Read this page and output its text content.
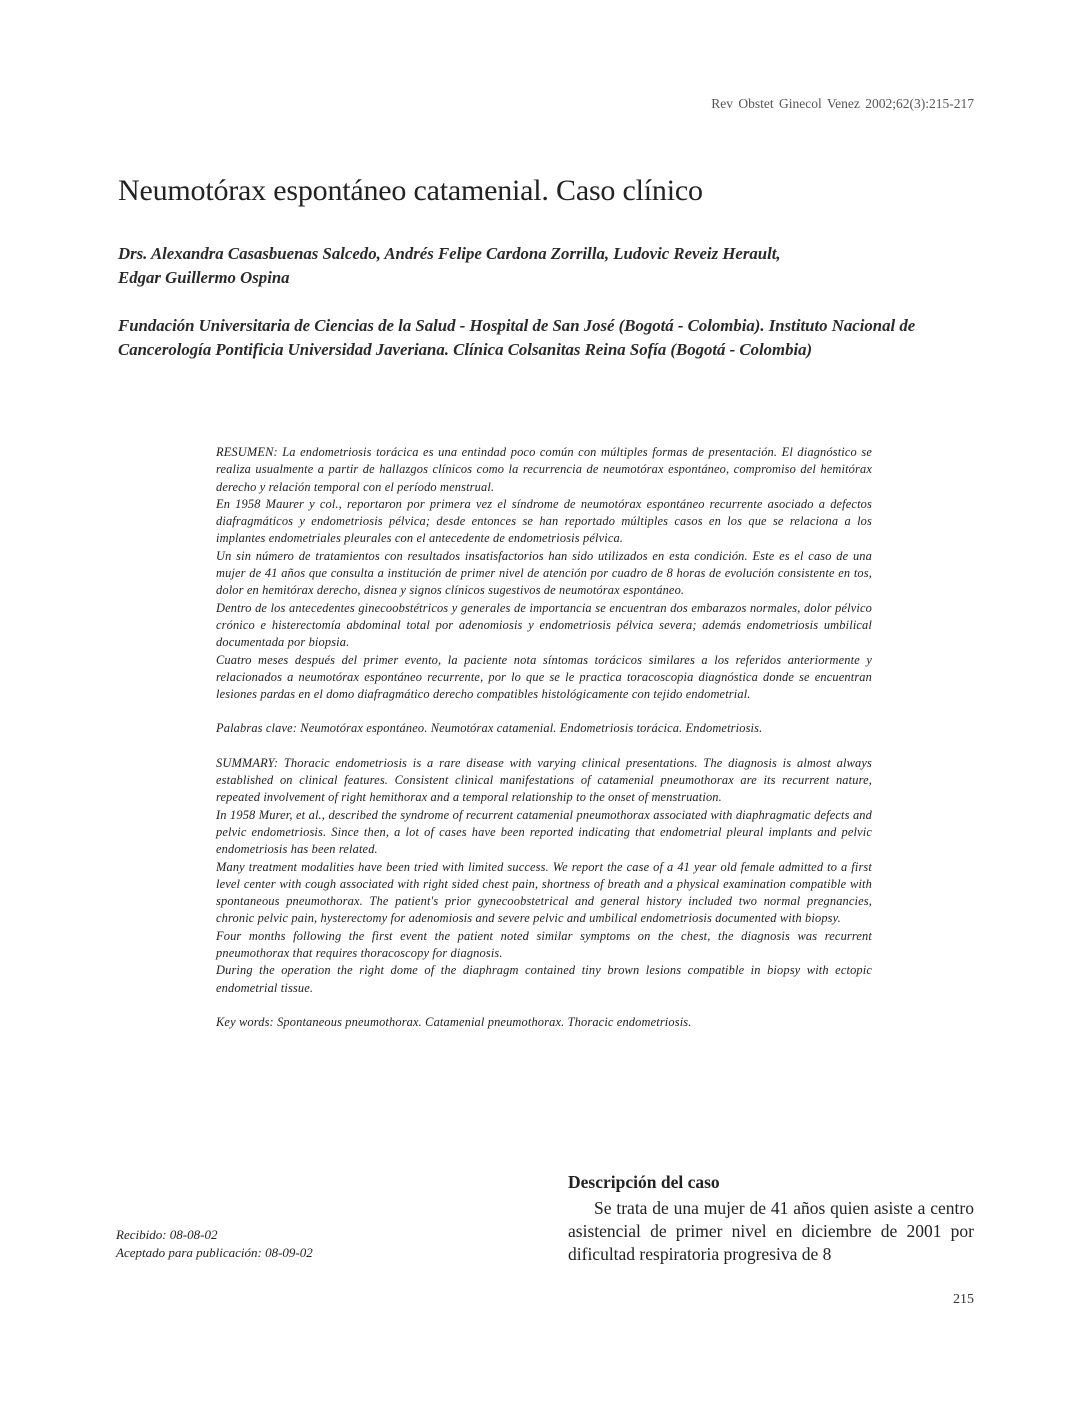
Rev Obstet Ginecol Venez 2002;62(3):215-217
Neumotórax espontáneo catamenial. Caso clínico
Drs. Alexandra Casasbuenas Salcedo, Andrés Felipe Cardona Zorrilla, Ludovic Reveiz Herault,
Edgar Guillermo Ospina
Fundación Universitaria de Ciencias de la Salud - Hospital de San José (Bogotá - Colombia). Instituto Nacional de
Cancerología Pontificia Universidad Javeriana. Clínica Colsanitas Reina Sofía (Bogotá - Colombia)

RESUMEN: La endometriosis torácica es una entindad poco común con múltiples formas de presentación. El diagnóstico se realiza usualmente a partir de hallazgos clínicos como la recurrencia de neumotórax espontáneo, compromiso del hemitórax derecho y relación temporal con el período menstrual.

En 1958 Maurer y col., reportaron por primera vez el síndrome de neumotórax espontáneo recurrente asociado a defectos diafragmáticos y endometriosis pélvica; desde entonces se han reportado múltiples casos en los que se relaciona a los implantes endometriales pleurales con el antecedente de endometriosis pélvica.

Un sin número de tratamientos con resultados insatisfactorios han sido utilizados en esta condición. Este es el caso de una mujer de 41 años que consulta a institución de primer nivel de atención por cuadro de 8 horas de evolución consistente en tos, dolor en hemitórax derecho, disnea y signos clínicos sugestivos de neumotórax espontáneo.

Dentro de los antecedentes ginecoobstétricos y generales de importancia se encuentran dos embarazos normales, dolor pélvico crónico e histerectomía abdominal total por adenomiosis y endometriosis pélvica severa; además endometriosis umbilical documentada por biopsia.

Cuatro meses después del primer evento, la paciente nota síntomas torácicos similares a los referidos anteriormente y relacionados a neumotórax espontáneo recurrente, por lo que se le practica toracoscopia diagnóstica donde se encuentran lesiones pardas en el domo diafragmático derecho compatibles histológicamente con tejido endometrial.

Palabras clave: Neumotórax espontáneo. Neumotórax catamenial. Endometriosis torácica. Endometriosis.

SUMMARY: Thoracic endometriosis is a rare disease with varying clinical presentations. The diagnosis is almost always established on clinical features. Consistent clinical manifestations of catamenial pneumothorax are its recurrent nature, repeated involvement of right hemithorax and a temporal relationship to the onset of menstruation.

In 1958 Murer, et al., described the syndrome of recurrent catamenial pneumothorax associated with diaphragmatic defects and pelvic endometriosis. Since then, a lot of cases have been reported indicating that endometrial pleural implants and pelvic endometriosis has been related.

Many treatment modalities have been tried with limited success. We report the case of a 41 year old female admitted to a first level center with cough associated with right sided chest pain, shortness of breath and a physical examination compatible with spontaneous pneumothorax. The patient's prior gynecoobstetrical and general history included two normal pregnancies, chronic pelvic pain, hysterectomy for adenomiosis and severe pelvic and umbilical endometriosis documented with biopsy.

Four months following the first event the patient noted similar symptoms on the chest, the diagnosis was recurrent pneumothorax that requires thoracoscopy for diagnosis.

During the operation the right dome of the diaphragm contained tiny brown lesions compatible in biopsy with ectopic endometrial tissue.

Key words: Spontaneous pneumothorax. Catamenial pneumothorax. Thoracic endometriosis.

Recibido: 08-08-02
Aceptado para publicación: 08-09-02
Descripción del caso

Se trata de una mujer de 41 años quien asiste a centro asistencial de primer nivel en diciembre de 2001 por dificultad respiratoria progresiva de 8

215
